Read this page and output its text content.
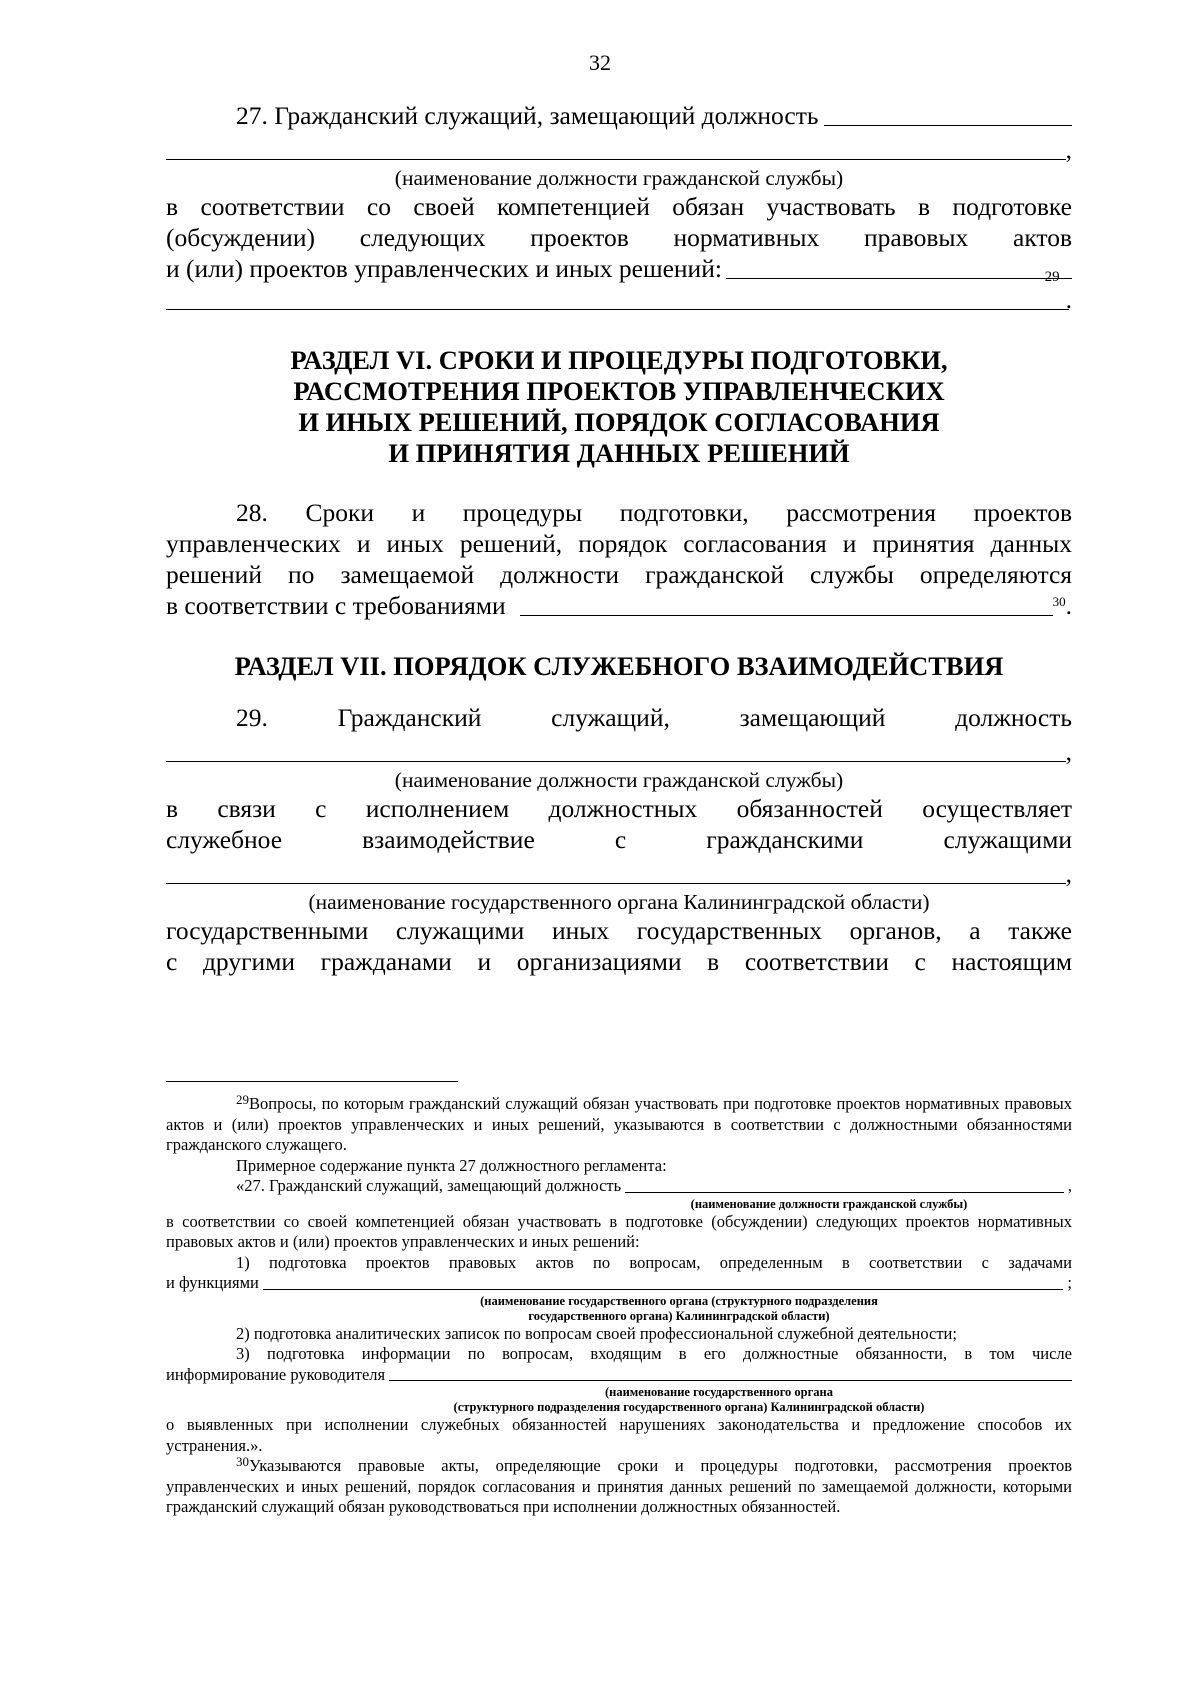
32
27. Гражданский служащий, замещающий должность
,

(наименование должности гражданской службы)

в соответствии со своей компетенцией обязан участвовать в подготовке

(обсуждении) следующих проектов нормативных правовых актов

и (или) проектов управленческих и иных решений:	29
.
РАЗДЕЛ VI. СРОКИ И ПРОЦЕДУРЫ ПОДГОТОВКИ,
РАССМОТРЕНИЯ ПРОЕКТОВ УПРАВЛЕНЧЕСКИХ
И ИНЫХ РЕШЕНИЙ, ПОРЯДОК СОГЛАСОВАНИЯ
И ПРИНЯТИЯ ДАННЫХ РЕШЕНИЙ

28. Сроки и процедуры подготовки, рассмотрения проектов

управленческих и иных решений, порядок согласования и принятия данных

решений по замещаемой должности гражданской службы определяются

в соответствии с требованиями	$^{30}$ .
РАЗДЕЛ VII. ПОРЯДОК СЛУЖЕБНОГО ВЗАИМОДЕЙСТВИЯ

29. Гражданский служащий, замещающий должность

,

(наименование должности гражданской службы)

в связи с исполнением должностных обязанностей осуществляет

служебное взаимодействие с гражданскими служащими

,

(наименование государственного органа Калининградской области)

государственными служащими иных государственных органов, а также

с другими гражданами и организациями в соответствии с настоящим

$^{29}$Вопросы, по которым гражданский служащий обязан участвовать при подготовке проектов нормативных правовых актов и (или) проектов управленческих и иных решений, указываются в соответствии с должностными обязанностями гражданского служащего.

Примерное содержание пункта 27 должностного регламента:

«27. Гражданский служащий, замещающий должность	,

(наименование должности гражданской службы)

в соответствии со своей компетенцией обязан участвовать в подготовке (обсуждении) следующих проектов нормативных правовых актов и (или) проектов управленческих и иных решений:

1) подготовка проектов правовых актов по вопросам, определенным в соответствии с задачами

и функциями	;

(наименование государственного органа (структурного подразделения

государственного органа) Калининградской области)

2) подготовка аналитических записок по вопросам своей профессиональной служебной деятельности;

3) подготовка информации по вопросам, входящим в его должностные обязанности, в том числе

информирование руководителя

(наименование государственного органа

(структурного подразделения государственного органа) Калининградской области)

о выявленных при исполнении служебных обязанностей нарушениях законодательства и предложение способов их устранения.».

$^{30}$Указываются правовые акты, определяющие сроки и процедуры подготовки, рассмотрения проектов управленческих и иных решений, порядок согласования и принятия данных решений по замещаемой должности, которыми гражданский служащий обязан руководствоваться при исполнении должностных обязанностей.
